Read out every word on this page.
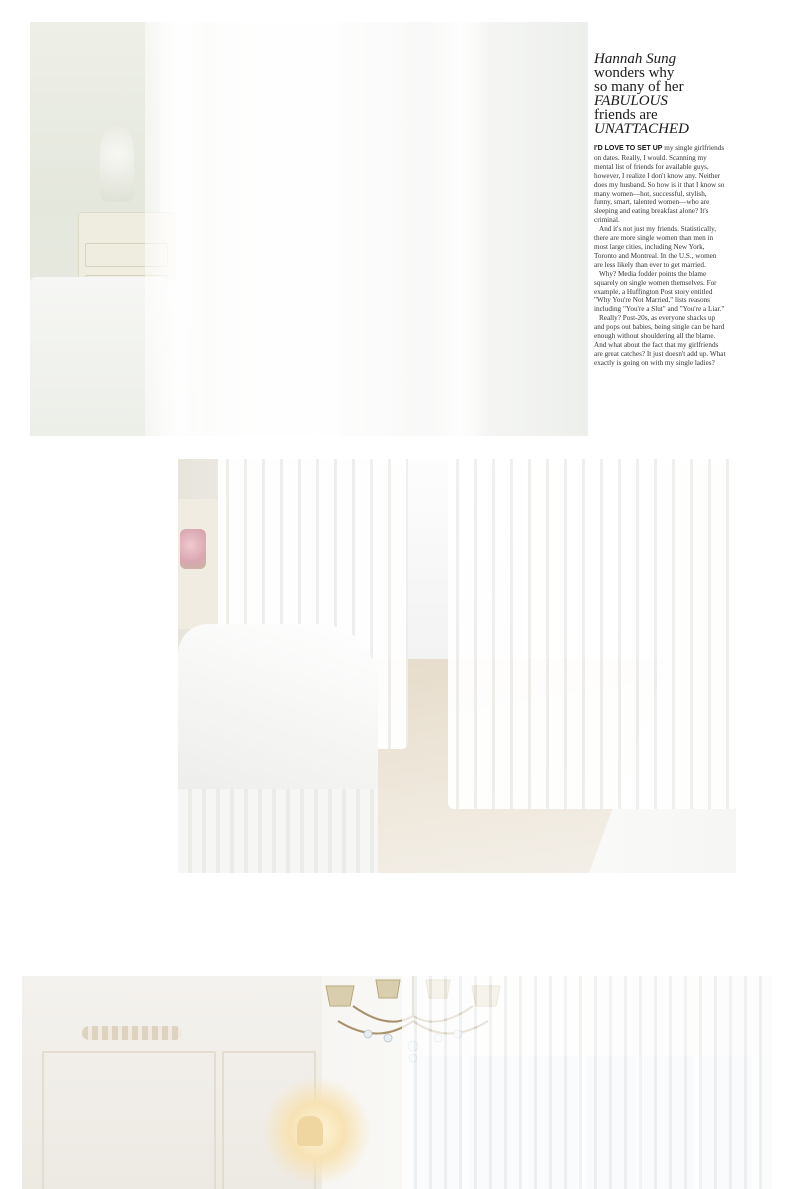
Hannah Sung
wonders why
so many of her
FABULOUS
friends are
UNATTACHED

I'D LOVE TO SET UP my single girlfriends on dates. Really, I would. Scanning my mental list of friends for available guys, however, I realize I don't know any. Neither does my husband. So how is it that I know so many women—hot, successful, stylish, funny, smart, talented women—who are sleeping and eating breakfast alone? It's criminal.

And it's not just my friends. Statistically, there are more single women than men in most large cities, including New York, Toronto and Montreal. In the U.S., women are less likely than ever to get married.

Why? Media fodder points the blame squarely on single women themselves. For example, a Huffington Post story entitled "Why You're Not Married," lists reasons including "You're a Slut" and "You're a Liar."

Really? Post-20s, as everyone shacks up and pops out babies, being single can be hard enough without shouldering all the blame. And what about the fact that my girlfriends are great catches? It just doesn't add up. What exactly is going on with my single ladies?
